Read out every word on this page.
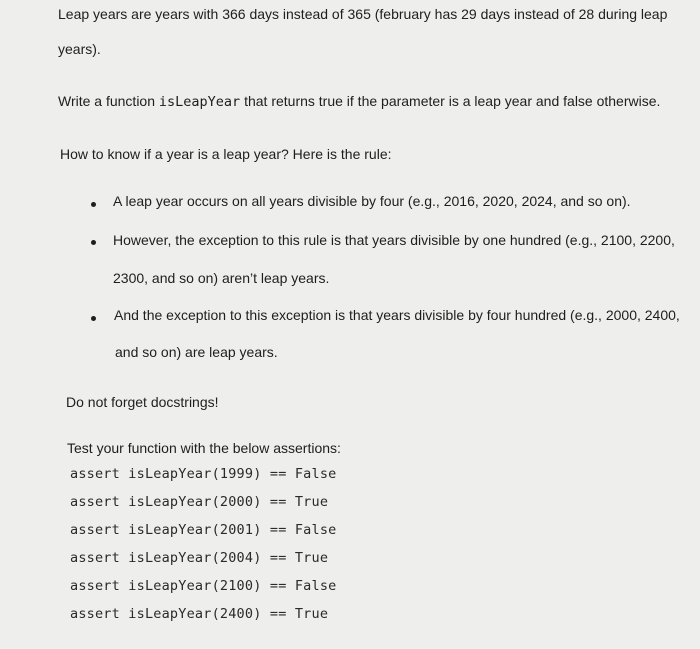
Leap years are years with 366 days instead of 365 (february has 29 days instead of 28 during leap
years).
Write a function isLeapYear that returns true if the parameter is a leap year and false otherwise.
How to know if a year is a leap year? Here is the rule:
A leap year occurs on all years divisible by four (e.g., 2016, 2020, 2024, and so on).
However, the exception to this rule is that years divisible by one hundred (e.g., 2100, 2200,
2300, and so on) aren’t leap years.
And the exception to this exception is that years divisible by four hundred (e.g., 2000, 2400,
and so on) are leap years.
Do not forget docstrings!
Test your function with the below assertions:
assert isLeapYear(1999) == False
assert isLeapYear(2000) == True
assert isLeapYear(2001) == False
assert isLeapYear(2004) == True
assert isLeapYear(2100) == False
assert isLeapYear(2400) == True
